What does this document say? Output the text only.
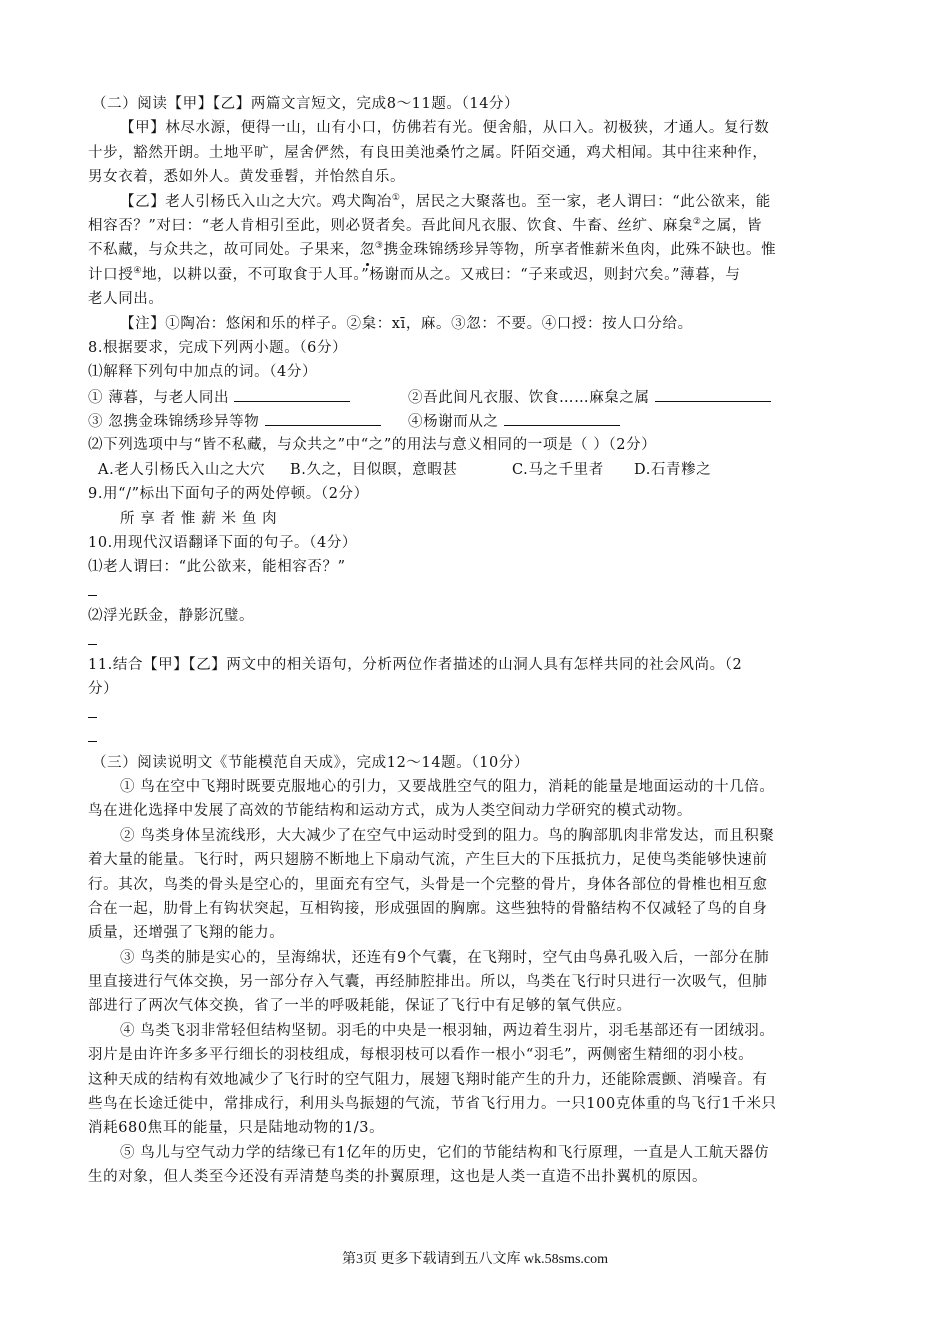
（二）阅读【甲】【乙】两篇文言短文，完成8～11题。（14分）
【甲】林尽水源，便得一山，山有小口，仿佛若有光。便舍船，从口入。初极狭，才通人。复行数
十步，豁然开朗。土地平旷，屋舍俨然，有良田美池桑竹之属。阡陌交通，鸡犬相闻。其中往来种作，
男女衣着，悉如外人。黄发垂髫，并怡然自乐。
【乙】老人引杨氏入山之大穴。鸡犬陶冶①，居民之大聚落也。至一家，老人谓曰：“此公欲来，能
相容否？”对曰：“老人肯相引至此，则必贤者矣。吾此间凡衣服、饮食、牛畜、丝纩、麻枲②之属，皆
不私藏，与众共之，故可同处。子果来，忽③携金珠锦绣珍异等物，所享者惟薪米鱼肉，此殊不缺也。惟
计口授④地，以耕以蚕，不可取食于人耳。”杨谢而从之。又戒曰：“子来或迟，则封穴矣。”薄暮，与
老人同出。
【注】①陶冶：悠闲和乐的样子。②枲：xī，麻。③忽：不要。④口授：按人口分给。
8.根据要求，完成下列两小题。（6分）
⑴解释下列句中加点的词。（4分）
① 薄暮，与老人同出	②吾此间凡衣服、饮食……麻枲之属
③ 忽携金珠锦绣珍异等物	④杨谢而从之
⑵下列选项中与“皆不私藏，与众共之”中“之”的用法与意义相同的一项是（ ）（2分）
A.老人引杨氏入山之大穴 B.久之，目似瞑，意暇甚	C.马之千里者 D.石青糁之
9.用“/”标出下面句子的两处停顿。（2分）
所 享 者 惟 薪 米 鱼 肉
10.用现代汉语翻译下面的句子。（4分）
⑴老人谓曰：“此公欲来，能相容否？”
⑵浮光跃金，静影沉璧。
11.结合【甲】【乙】两文中的相关语句，分析两位作者描述的山洞人具有怎样共同的社会风尚。（2
分）
（三）阅读说明文《节能模范自天成》，完成12～14题。（10分）
① 鸟在空中飞翔时既要克服地心的引力，又要战胜空气的阻力，消耗的能量是地面运动的十几倍。
鸟在进化选择中发展了高效的节能结构和运动方式，成为人类空间动力学研究的模式动物。
② 鸟类身体呈流线形，大大减少了在空气中运动时受到的阻力。鸟的胸部肌肉非常发达，而且积聚
着大量的能量。飞行时，两只翅膀不断地上下扇动气流，产生巨大的下压抵抗力，足使鸟类能够快速前
行。其次，鸟类的骨头是空心的，里面充有空气，头骨是一个完整的骨片，身体各部位的骨椎也相互愈
合在一起，肋骨上有钩状突起，互相钩接，形成强固的胸廓。这些独特的骨骼结构不仅减轻了鸟的自身
质量，还增强了飞翔的能力。
③ 鸟类的肺是实心的，呈海绵状，还连有9个气囊，在飞翔时，空气由鸟鼻孔吸入后，一部分在肺
里直接进行气体交换，另一部分存入气囊，再经肺腔排出。所以，鸟类在飞行时只进行一次吸气，但肺
部进行了两次气体交换，省了一半的呼吸耗能，保证了飞行中有足够的氧气供应。
④ 鸟类飞羽非常轻但结构坚韧。羽毛的中央是一根羽轴，两边着生羽片，羽毛基部还有一团绒羽。
羽片是由许许多多平行细长的羽枝组成，每根羽枝可以看作一根小“羽毛”，两侧密生精细的羽小枝。
这种天成的结构有效地减少了飞行时的空气阻力，展翅飞翔时能产生的升力，还能除震颤、消噪音。有
些鸟在长途迁徙中，常排成行，利用头鸟振翅的气流，节省飞行用力。一只100克体重的鸟飞行1千米只
消耗680焦耳的能量，只是陆地动物的1/3。
⑤ 鸟儿与空气动力学的结缘已有1亿年的历史，它们的节能结构和飞行原理，一直是人工航天器仿
生的对象，但人类至今还没有弄清楚鸟类的扑翼原理，这也是人类一直造不出扑翼机的原因。
第3页 更多下载请到五八文库 wk.58sms.com
